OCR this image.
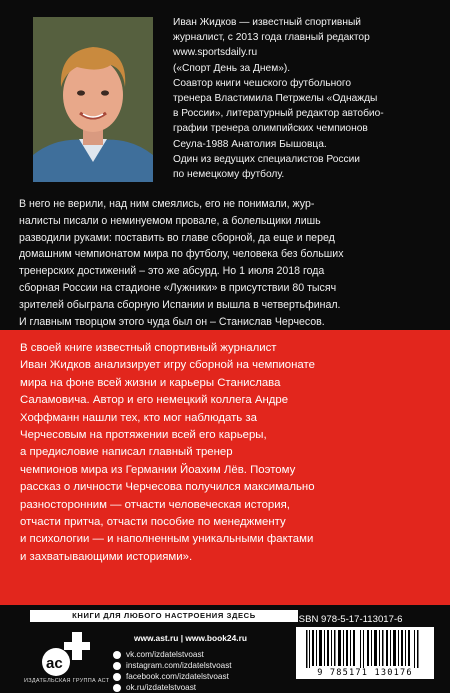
Иван Жидков — известный спортивный

журналист, с 2013 года главный редактор

www.sportsdaily.ru

(«Спорт День за Днем»).

Соавтор книги чешского футбольного

тренера Властимила Петржелы «Однажды

в России», литературный редактор автобио-

графии тренера олимпийских чемпионов

Сеула-1988 Анатолия Бышовца.

Один из ведущих специалистов России

по немецкому футболу.

В него не верили, над ним смеялись, его не понимали, жур-

налисты писали о неминуемом провале, а болельщики лишь

разводили руками: поставить во главе сборной, да еще и перед

домашним чемпионатом мира по футболу, человека без больших

тренерских достижений – это же абсурд. Но 1 июля 2018 года

сборная России на стадионе «Лужники» в присутствии 80 тысяч

зрителей обыграла сборную Испании и вышла в четвертьфинал.

И главным творцом этого чуда был он – Станислав Черчесов.

В своей книге известный спортивный журналист

Иван Жидков анализирует игру сборной на чемпионате

мира на фоне всей жизни и карьеры Станислава

Саламовича. Автор и его немецкий коллега Андре

Хоффманн нашли тех, кто мог наблюдать за

Черчесовым на протяжении всей его карьеры,

а предисловие написал главный тренер

чемпионов мира из Германии Йоахим Лёв. Поэтому

рассказ о личности Черчесова получился максимально

разносторонним — отчасти человеческая история,

отчасти притча, отчасти пособие по менеджменту

и психологии — и наполненным уникальными фактами

и захватывающими историями».

КНИГИ ДЛЯ ЛЮБОГО НАСТРОЕНИЯ ЗДЕСЬ	ISBN 978-5-17-113017-6
ac
ИЗДАТЕЛЬСКАЯ ГРУППА АСТ
www.ast.ru | www.book24.ru
vk.com/izdatelstvoast
instagram.com/izdatelstvoast
facebook.com/izdatelstvoast
ok.ru/izdatelstvoast
9 785171 130176
